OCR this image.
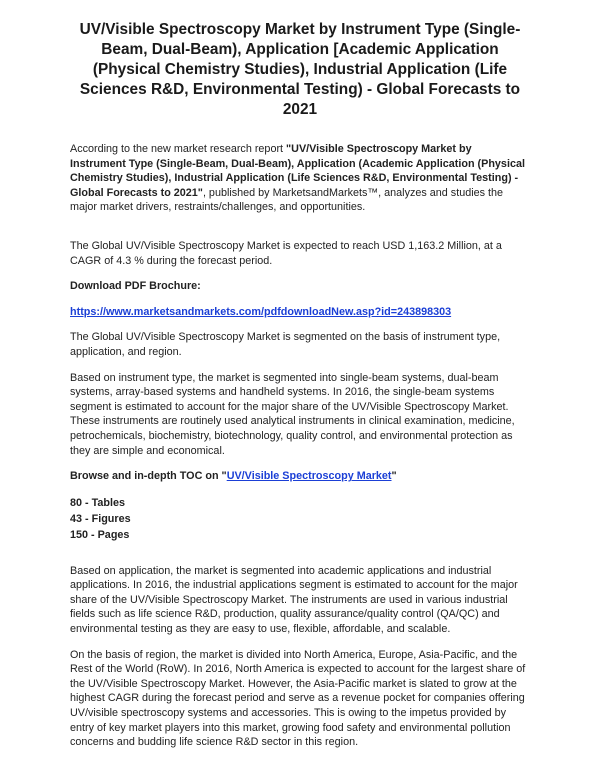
UV/Visible Spectroscopy Market by Instrument Type (Single-Beam, Dual-Beam), Application [Academic Application (Physical Chemistry Studies), Industrial Application (Life Sciences R&D, Environmental Testing) - Global Forecasts to 2021

According to the new market research report "UV/Visible Spectroscopy Market by Instrument Type (Single-Beam, Dual-Beam), Application (Academic Application (Physical Chemistry Studies), Industrial Application (Life Sciences R&D, Environmental Testing) - Global Forecasts to 2021", published by MarketsandMarkets™, analyzes and studies the major market drivers, restraints/challenges, and opportunities.

The Global UV/Visible Spectroscopy Market is expected to reach USD 1,163.2 Million, at a CAGR of 4.3 % during the forecast period.

Download PDF Brochure:

https://www.marketsandmarkets.com/pdfdownloadNew.asp?id=243898303

The Global UV/Visible Spectroscopy Market is segmented on the basis of instrument type, application, and region.

Based on instrument type, the market is segmented into single-beam systems, dual-beam systems, array-based systems and handheld systems. In 2016, the single-beam systems segment is estimated to account for the major share of the UV/Visible Spectroscopy Market. These instruments are routinely used analytical instruments in clinical examination, medicine, petrochemicals, biochemistry, biotechnology, quality control, and environmental protection as they are simple and economical.

Browse and in-depth TOC on "UV/Visible Spectroscopy Market"

80 - Tables
43 - Figures
150 - Pages

Based on application, the market is segmented into academic applications and industrial applications. In 2016, the industrial applications segment is estimated to account for the major share of the UV/Visible Spectroscopy Market. The instruments are used in various industrial fields such as life science R&D, production, quality assurance/quality control (QA/QC) and environmental testing as they are easy to use, flexible, affordable, and scalable.

On the basis of region, the market is divided into North America, Europe, Asia-Pacific, and the Rest of the World (RoW). In 2016, North America is expected to account for the largest share of the UV/Visible Spectroscopy Market. However, the Asia-Pacific market is slated to grow at the highest CAGR during the forecast period and serve as a revenue pocket for companies offering UV/visible spectroscopy systems and accessories. This is owing to the impetus provided by entry of key market players into this market, growing food safety and environmental pollution concerns and budding life science R&D sector in this region.
